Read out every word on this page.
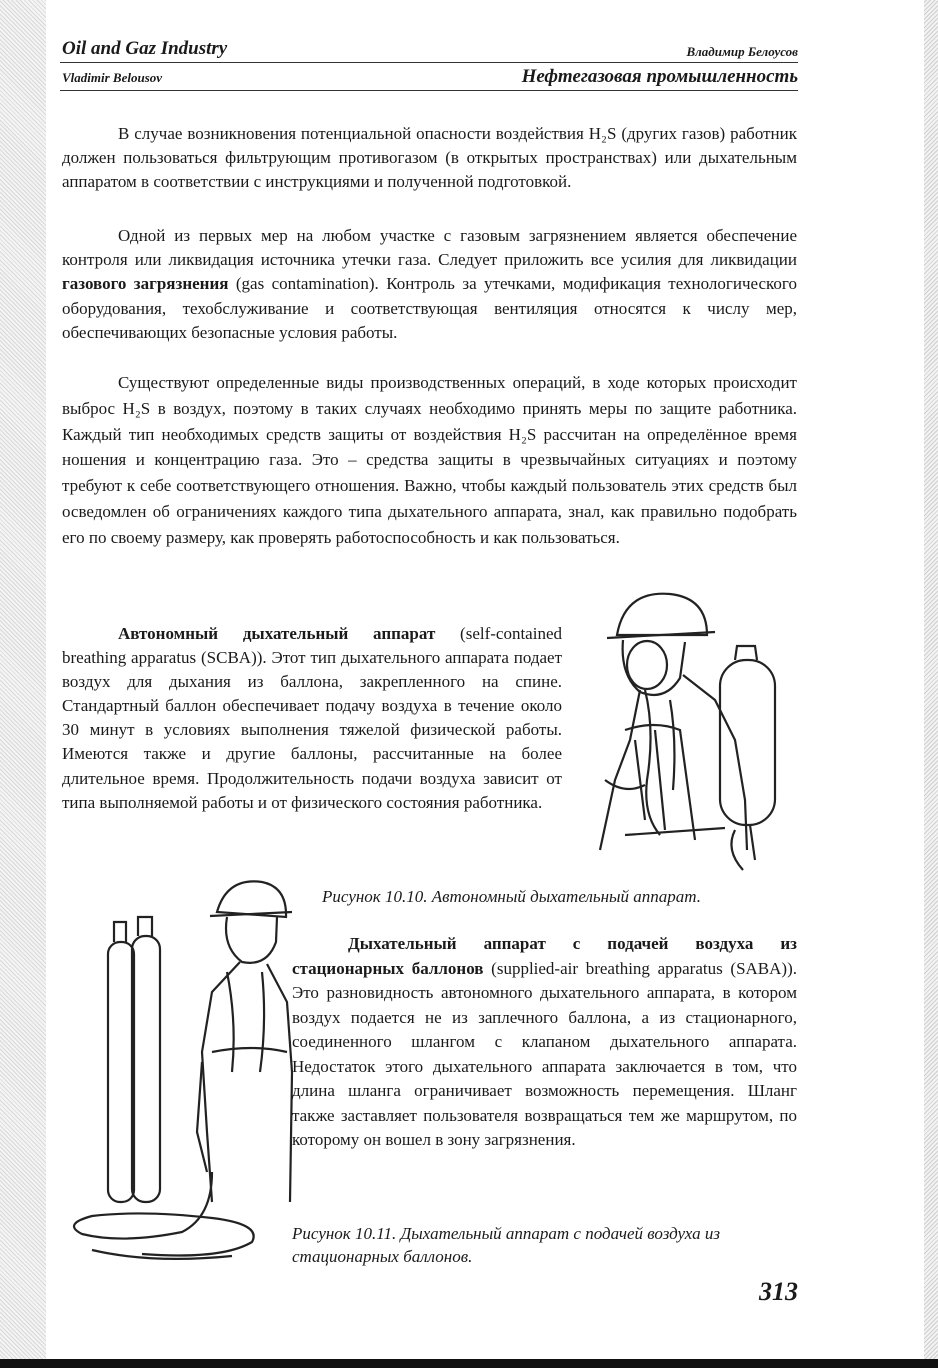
Oil and Gaz Industry	Владимир Белоусов
Vladimir Belousov	Нефтегазовая промышленность

В случае возникновения потенциальной опасности воздействия H₂S (других газов) работник должен пользоваться фильтрующим противогазом (в открытых пространствах) или дыхательным аппаратом в соответствии с инструкциями и полученной подготовкой.

Одной из первых мер на любом участке с газовым загрязнением является обеспечение контроля или ликвидация источника утечки газа. Следует приложить все усилия для ликвидации газового загрязнения (gas contamination). Контроль за утечками, модификация технологического оборудования, техобслуживание и соответствующая вентиляция относятся к числу мер, обеспечивающих безопасные условия работы.

Существуют определенные виды производственных операций, в ходе которых происходит выброс H₂S в воздух, поэтому в таких случаях необходимо принять меры по защите работника. Каждый тип необходимых средств защиты от воздействия H₂S рассчитан на определённое время ношения и концентрацию газа. Это – средства защиты в чрезвычайных ситуациях и поэтому требуют к себе соответствующего отношения. Важно, чтобы каждый пользователь этих средств был осведомлен об ограничениях каждого типа дыхательного аппарата, знал, как правильно подобрать его по своему размеру, как проверять работоспособность и как пользоваться.

Автономный дыхательный аппарат (self-contained breathing apparatus (SCBA)). Этот тип дыхательного аппарата подает воздух для дыхания из баллона, закрепленного на спине. Стандартный баллон обеспечивает подачу воздуха в течение около 30 минут в условиях выполнения тяжелой физической работы. Имеются также и другие баллоны, рассчитанные на более длительное время. Продолжительность подачи воздуха зависит от типа выполняемой работы и от физического состояния работника.

Рисунок 10.10. Автономный дыхательный аппарат.

Дыхательный аппарат с подачей воздуха из стационарных баллонов (supplied-air breathing apparatus (SABA)). Это разновидность автономного дыхательного аппарата, в котором воздух подается не из заплечного баллона, а из стационарного, соединенного шлангом с клапаном дыхательного аппарата. Недостаток этого дыхательного аппарата заключается в том, что длина шланга ограничивает возможность перемещения. Шланг также заставляет пользователя возвращаться тем же маршрутом, по которому он вошел в зону загрязнения.

Рисунок 10.11. Дыхательный аппарат с подачей воздуха из стационарных баллонов.
313
